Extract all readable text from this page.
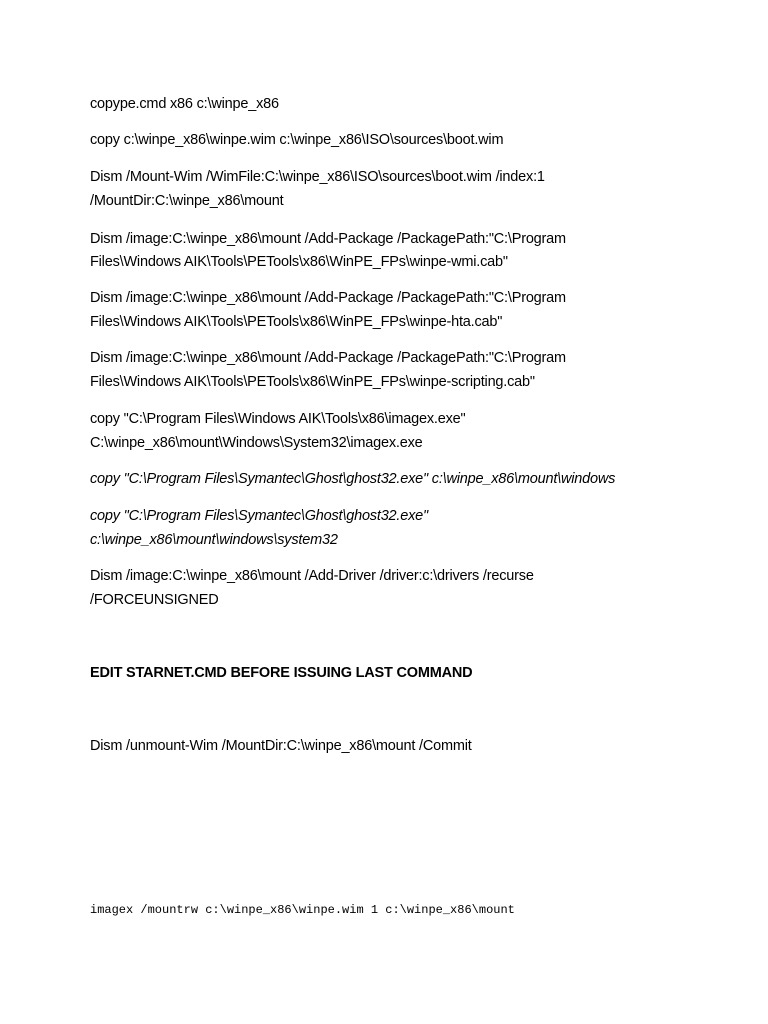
copype.cmd x86 c:\winpe_x86
copy c:\winpe_x86\winpe.wim c:\winpe_x86\ISO\sources\boot.wim
Dism /Mount-Wim /WimFile:C:\winpe_x86\ISO\sources\boot.wim /index:1
/MountDir:C:\winpe_x86\mount
Dism /image:C:\winpe_x86\mount /Add-Package /PackagePath:"C:\Program
Files\Windows AIK\Tools\PETools\x86\WinPE_FPs\winpe-wmi.cab"
Dism /image:C:\winpe_x86\mount /Add-Package /PackagePath:"C:\Program
Files\Windows AIK\Tools\PETools\x86\WinPE_FPs\winpe-hta.cab"
Dism /image:C:\winpe_x86\mount /Add-Package /PackagePath:"C:\Program
Files\Windows AIK\Tools\PETools\x86\WinPE_FPs\winpe-scripting.cab"
copy "C:\Program Files\Windows AIK\Tools\x86\imagex.exe"
C:\winpe_x86\mount\Windows\System32\imagex.exe
copy "C:\Program Files\Symantec\Ghost\ghost32.exe" c:\winpe_x86\mount\windows
copy "C:\Program Files\Symantec\Ghost\ghost32.exe"
c:\winpe_x86\mount\windows\system32
Dism /image:C:\winpe_x86\mount /Add-Driver /driver:c:\drivers /recurse
/FORCEUNSIGNED
EDIT STARNET.CMD BEFORE ISSUING LAST COMMAND
Dism /unmount-Wim /MountDir:C:\winpe_x86\mount /Commit
imagex /mountrw c:\winpe_x86\winpe.wim 1 c:\winpe_x86\mount
